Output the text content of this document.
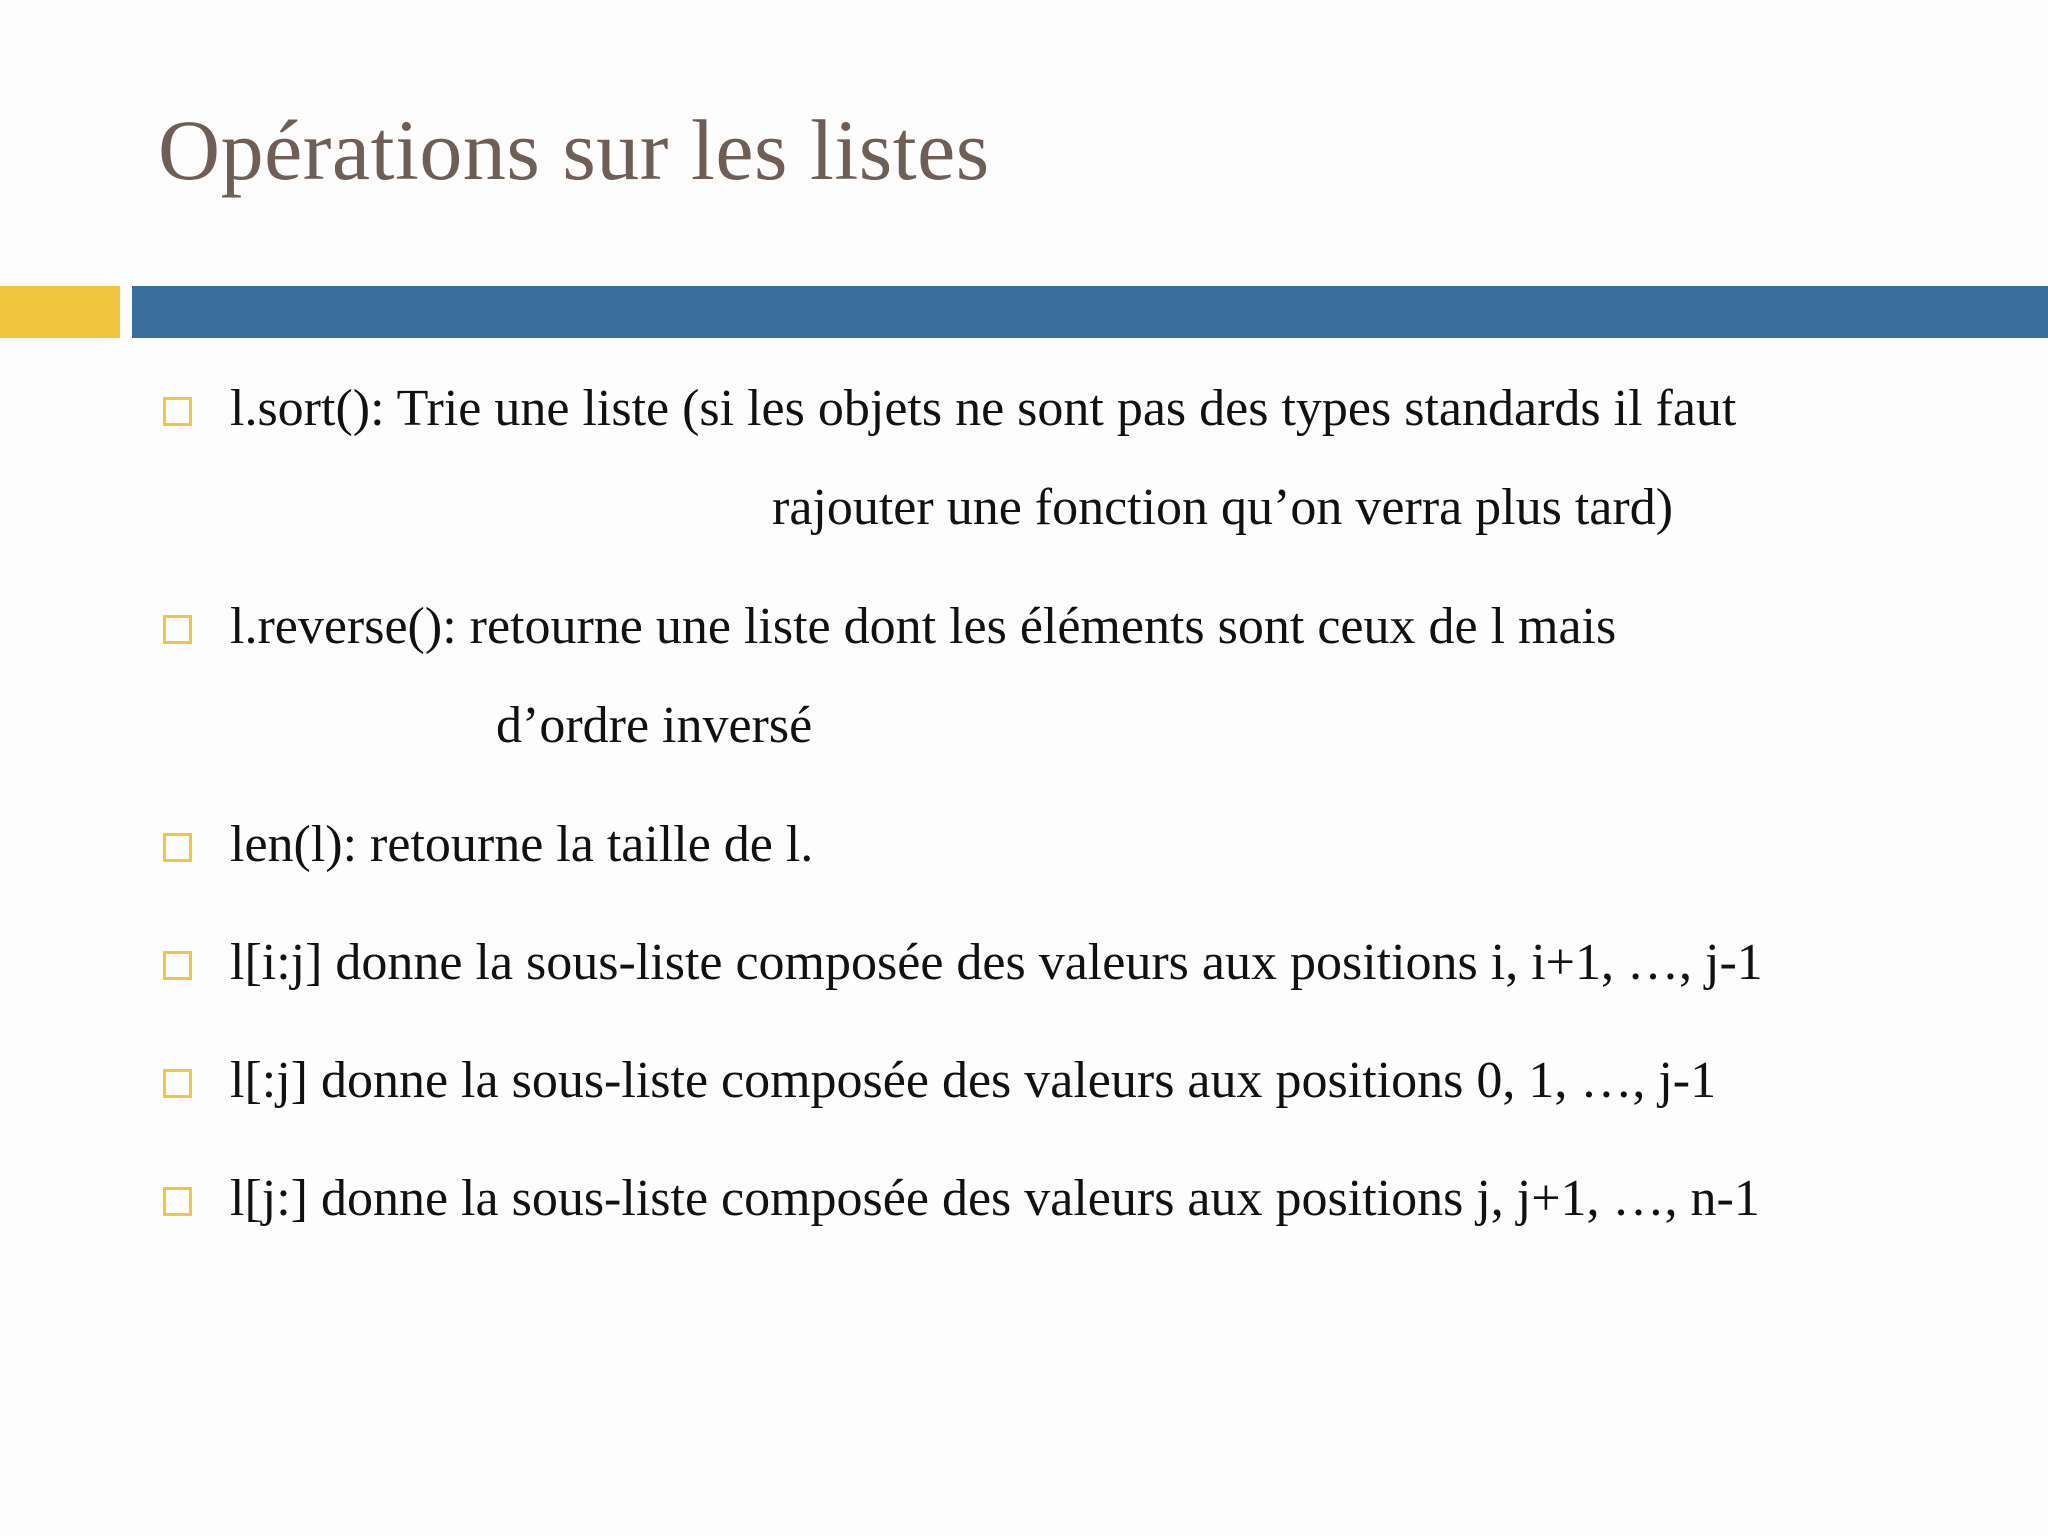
Opérations sur les listes
l.sort(): Trie une liste (si les objets ne sont pas des types standards il faut
rajouter une fonction qu’on verra plus tard)
l.reverse(): retourne une liste dont les éléments sont ceux de l mais
d’ordre inversé
len(l): retourne la taille de l.
l[i:j] donne la sous-liste composée des valeurs aux positions i, i+1, …, j-1
l[:j] donne la sous-liste composée des valeurs aux positions 0, 1, …, j-1
l[j:] donne la sous-liste composée des valeurs aux positions j, j+1, …, n-1
